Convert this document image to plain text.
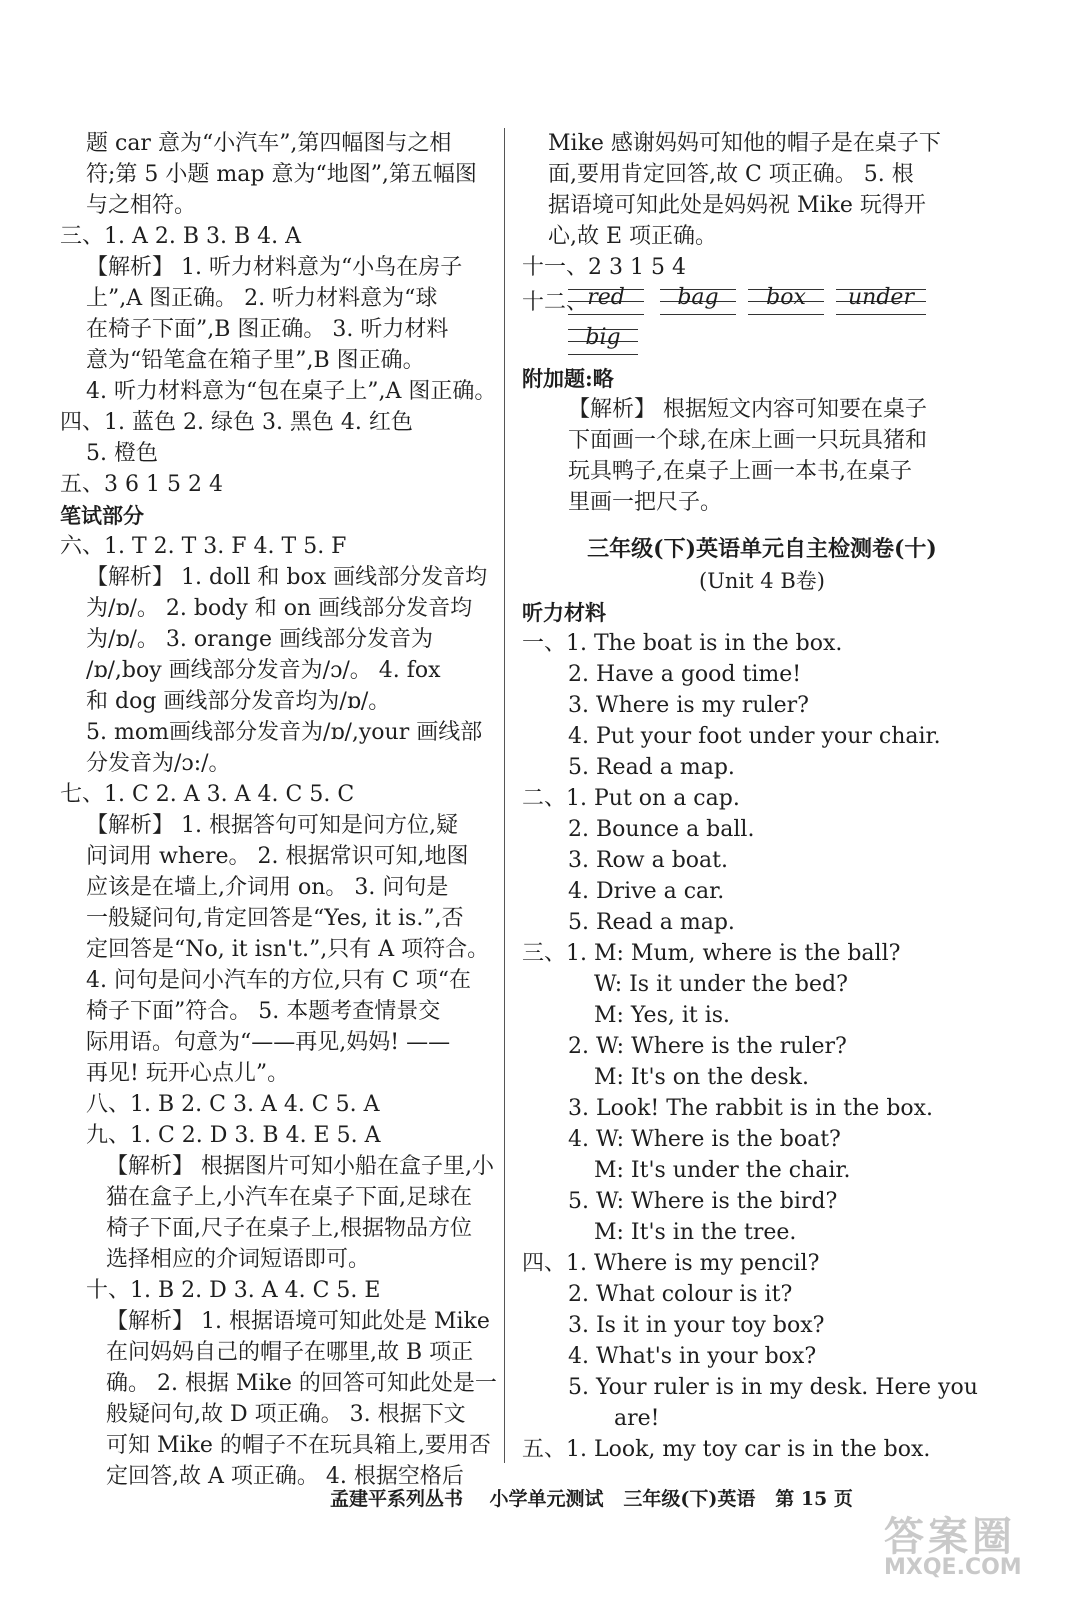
题 car 意为“小汽车”,第四幅图与之相
符;第 5 小题 map 意为“地图”,第五幅图
与之相符。
三、1. A 2. B 3. B 4. A
【解析】 1. 听力材料意为“小鸟在房子
上”,A 图正确。 2. 听力材料意为“球
在椅子下面”,B 图正确。 3. 听力材料
意为“铅笔盒在箱子里”,B 图正确。
4. 听力材料意为“包在桌子上”,A 图正确。
四、1. 蓝色 2. 绿色 3. 黑色 4. 红色
5. 橙色
五、3 6 1 5 2 4
笔试部分
六、1. T 2. T 3. F 4. T 5. F
【解析】 1. doll 和 box 画线部分发音均
为/ɒ/。 2. body 和 on 画线部分发音均
为/ɒ/。 3. orange 画线部分发音为
/ɒ/,boy 画线部分发音为/ɔ/。 4. fox
和 dog 画线部分发音均为/ɒ/。
5. mom画线部分发音为/ɒ/,your 画线部
分发音为/ɔ:/。
七、1. C 2. A 3. A 4. C 5. C
【解析】 1. 根据答句可知是问方位,疑
问词用 where。 2. 根据常识可知,地图
应该是在墙上,介词用 on。 3. 问句是
一般疑问句,肯定回答是“Yes, it is.”,否
定回答是“No, it isn't.”,只有 A 项符合。
4. 问句是问小汽车的方位,只有 C 项“在
椅子下面”符合。 5. 本题考查情景交
际用语。句意为“——再见,妈妈! ——
再见! 玩开心点儿”。
八、1. B 2. C 3. A 4. C 5. A
九、1. C 2. D 3. B 4. E 5. A
【解析】 根据图片可知小船在盒子里,小
猫在盒子上,小汽车在桌子下面,足球在
椅子下面,尺子在桌子上,根据物品方位
选择相应的介词短语即可。
十、1. B 2. D 3. A 4. C 5. E
【解析】 1. 根据语境可知此处是 Mike
在问妈妈自己的帽子在哪里,故 B 项正
确。 2. 根据 Mike 的回答可知此处是一
般疑问句,故 D 项正确。 3. 根据下文
可知 Mike 的帽子不在玩具箱上,要用否
定回答,故 A 项正确。 4. 根据空格后
Mike 感谢妈妈可知他的帽子是在桌子下
面,要用肯定回答,故 C 项正确。 5. 根
据语境可知此处是妈妈祝 Mike 玩得开
心,故 E 项正确。
十一、2 3 1 5 4
十二、 red	bag	box	under
big
附加题:略
【解析】 根据短文内容可知要在桌子
下面画一个球,在床上画一只玩具猪和
玩具鸭子,在桌子上画一本书,在桌子
里画一把尺子。
三年级(下)英语单元自主检测卷(十)
(Unit 4 B卷)
听力材料
一、1. The boat is in the box.
2. Have a good time!
3. Where is my ruler?
4. Put your foot under your chair.
5. Read a map.
二、1. Put on a cap.
2. Bounce a ball.
3. Row a boat.
4. Drive a car.
5. Read a map.
三、1. M: Mum, where is the ball?
W: Is it under the bed?
M: Yes, it is.
2. W: Where is the ruler?
M: It's on the desk.
3. Look! The rabbit is in the box.
4. W: Where is the boat?
M: It's under the chair.
5. W: Where is the bird?
M: It's in the tree.
四、1. Where is my pencil?
2. What colour is it?
3. Is it in your toy box?
4. What's in your box?
5. Your ruler is in my desk. Here you
are!
五、1. Look, my toy car is in the box.
孟建平系列丛书 小学单元测试 三年级(下)英语 第 15 页
答案圈
MXQE.COM
